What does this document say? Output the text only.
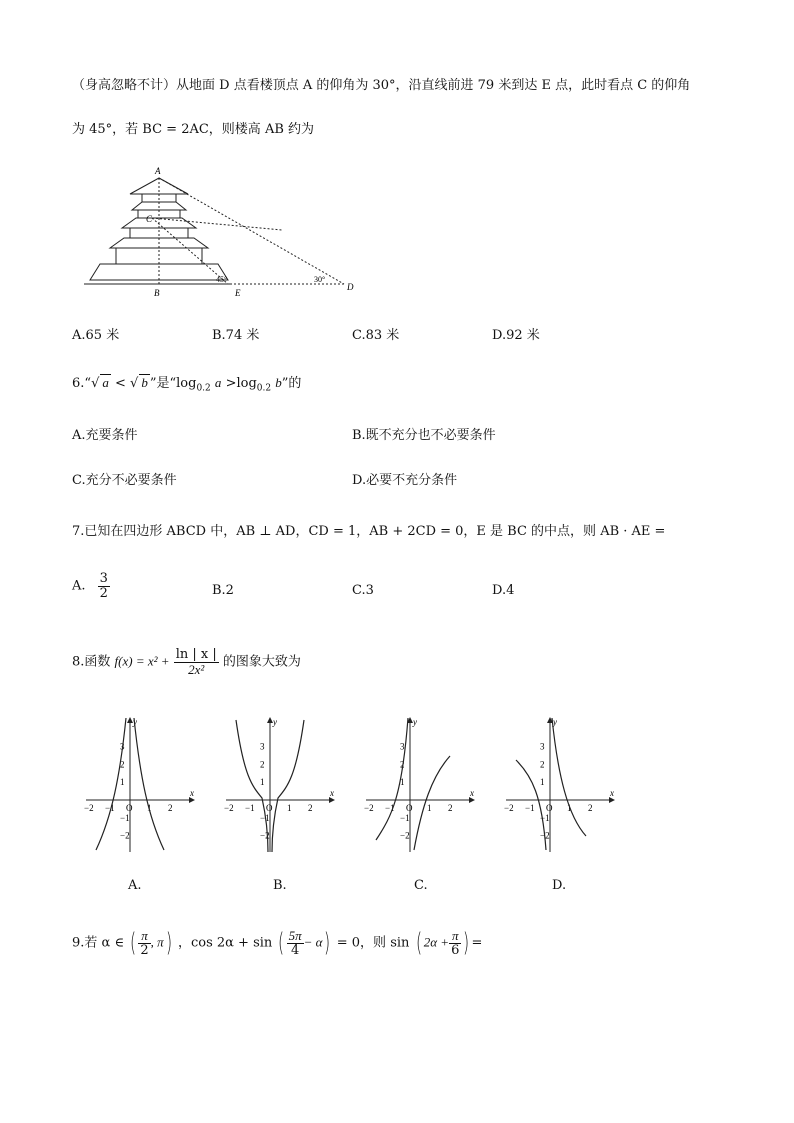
（身高忽略不计）从地面 D 点看楼顶点 A 的仰角为 30°，沿直线前进 79 米到达 E 点，此时看点 C 的仰角
为 45°，若 BC = 2AC，则楼高 AB 约为
A
C
B	E
D
45°	30°
A.65 米	B.74 米	C.83 米	D.92 米
6.“√ a < √ b ”是“$\log_{0.2}$ $a >\log_{0.2}$ b”的
A.充要条件	B.既不充分也不必要条件
C.充分不必要条件	D.必要不充分条件
7.已知在四边形 ABCD 中，AB ⊥ AD，CD = 1，AB + 2CD = 0，E 是 BC 的中点，则 AB · AE =
A. $\frac{3}{2}$	B.2	C.3	D.4
8.函数 $f(x) = x^2 + \frac{\ln | x |}{\text{2x²}}$ 的图象大致为
x
y
−2 −1 O 1 2
3
2
1
−1
−2
x
y
−2 −1 O 1 2
3
2
1
−1
−2
x
y
−2 −1 O 1 2
3
2
1
−1
−2
x
y
−2 −1 O 1 2
3
2
1
−1
−2
A.	B.	C.	D.
9.若 α ∈ ( $\frac{\pi}{2}$ , π) ，cos 2α + sin ( $\frac{5\pi}{4} - \alpha) = 0$，则 sin ( $2\alpha + \frac{\pi}{6}$ ) =
